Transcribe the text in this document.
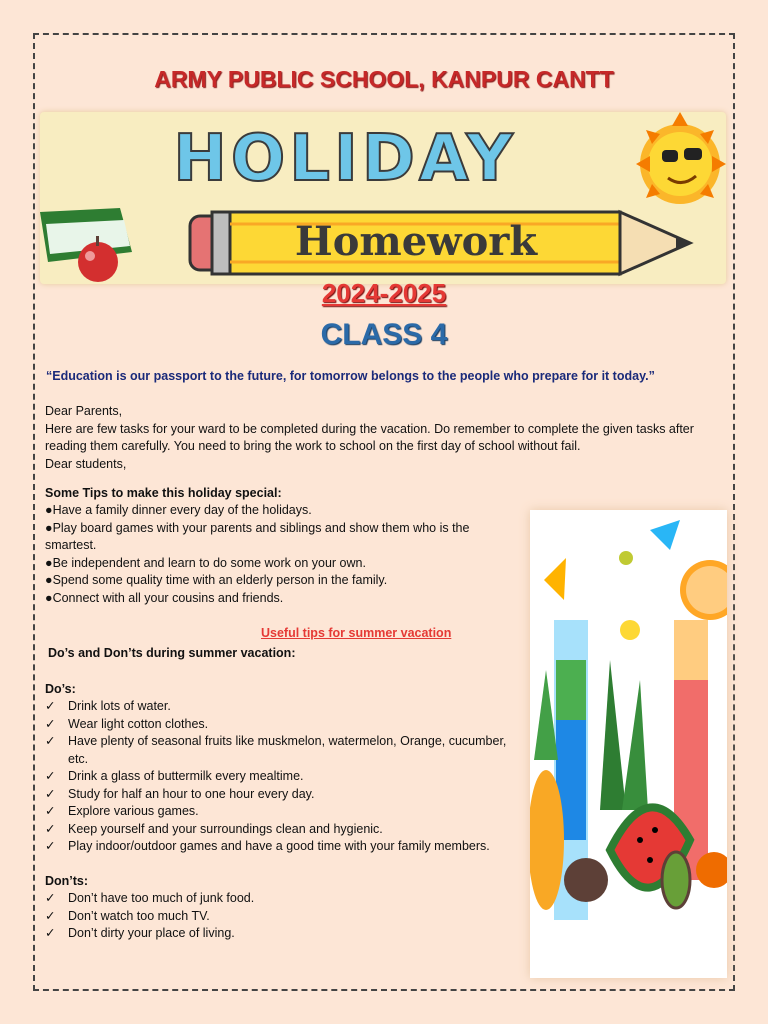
ARMY PUBLIC SCHOOL, KANPUR CANTT
HOLIDAY
Homework
2024-2025
CLASS 4
“Education is our passport to the future, for tomorrow belongs to the people who prepare for it today.”
Dear Parents,
Here are few tasks for your ward to be completed during the vacation. Do remember to complete the given tasks after
reading them carefully. You need to bring the work to school on the first day of school without fail.
Dear students,
Some Tips to make this holiday special:
● Have a family dinner every day of the holidays.
● Play board games with your parents and siblings and show them who is the smartest.
● Be independent and learn to do some work on your own.
● Spend some quality time with an elderly person in the family.
● Connect with all your cousins and friends.
Useful tips for summer vacation
Do’s and Don’ts during summer vacation:
Do’s:
✓ Drink lots of water.
✓ Wear light cotton clothes.
✓ Have plenty of seasonal fruits like muskmelon, watermelon, Orange, cucumber, etc.
✓ Drink a glass of buttermilk every mealtime.
✓ Study for half an hour to one hour every day.
✓ Explore various games.
✓ Keep yourself and your surroundings clean and hygienic.
✓ Play indoor/outdoor games and have a good time with your family members.
Don’ts:
✓ Don’t have too much of junk food.
✓ Don’t watch too much TV.
✓ Don’t dirty your place of living.
